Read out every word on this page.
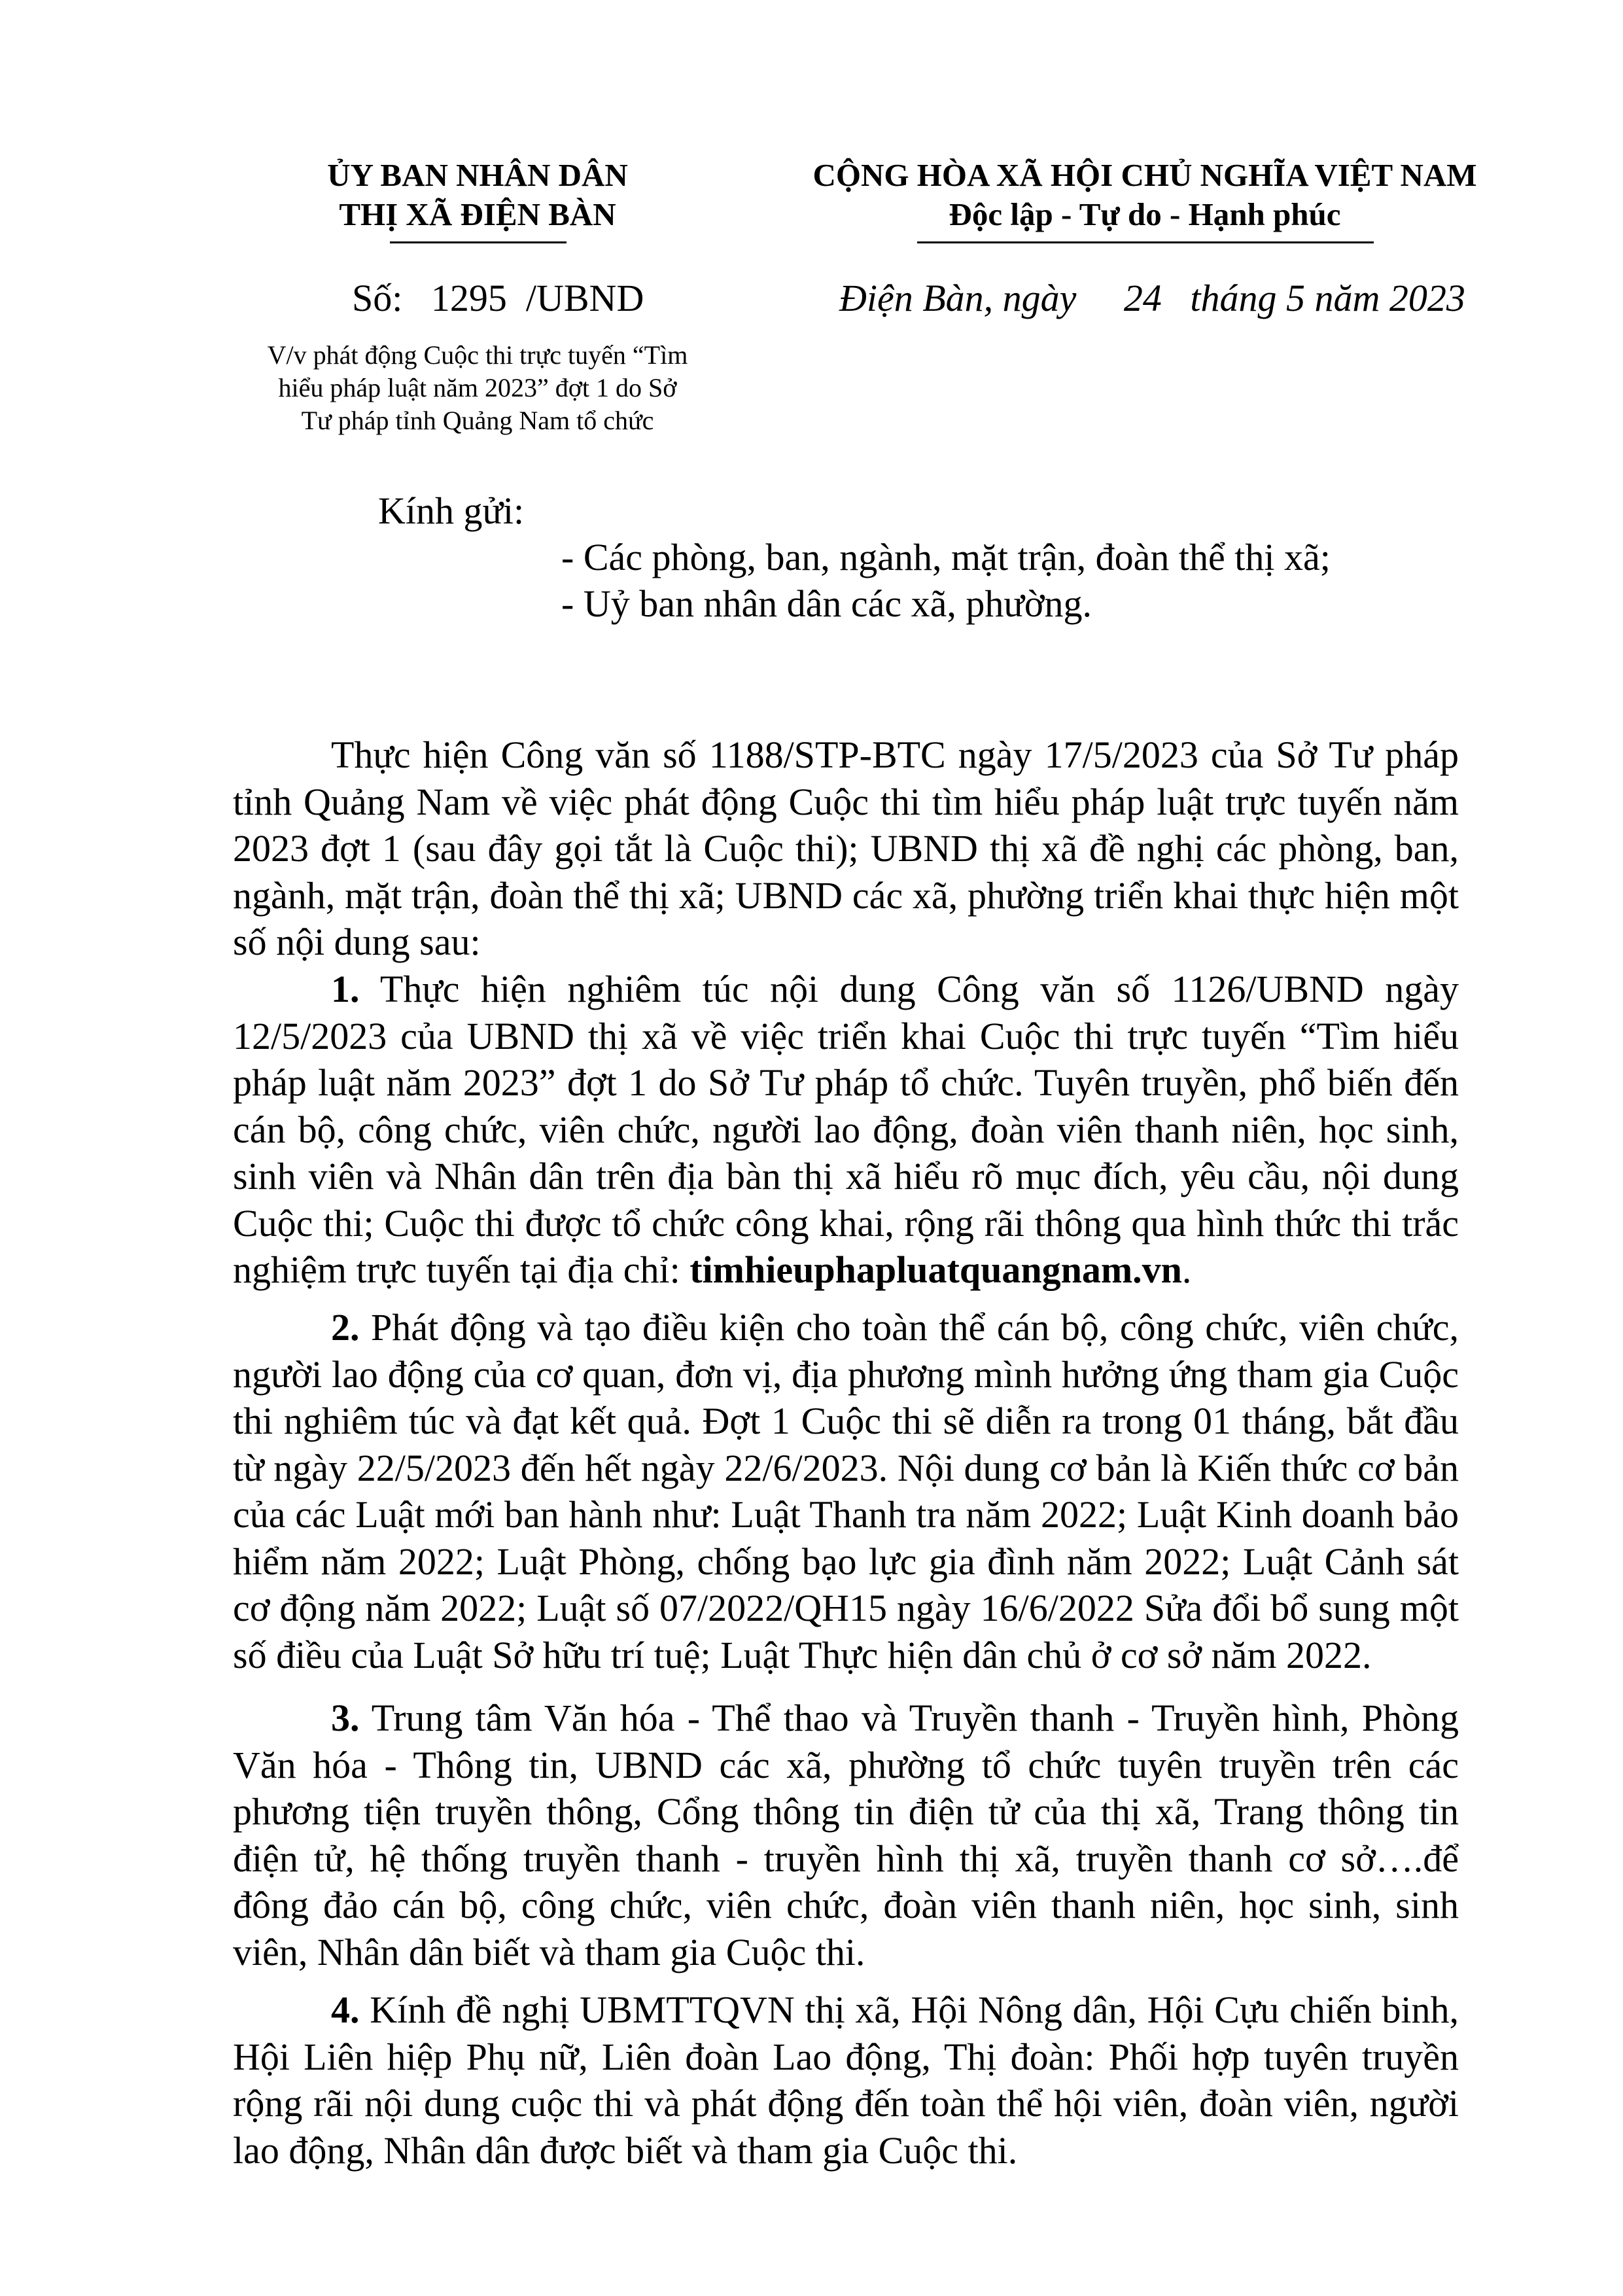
ỦY BAN NHÂN DÂN
THỊ XÃ ĐIỆN BÀN
CỘNG HÒA XÃ HỘI CHỦ NGHĨA VIỆT NAM
Độc lập - Tự do - Hạnh phúc
Số:   1295  /UBND	Điện Bàn, ngày     24   tháng 5 năm 2023
V/v phát động Cuộc thi trực tuyến “Tìm
hiểu pháp luật năm 2023” đợt 1 do Sở
Tư pháp tỉnh Quảng Nam tổ chức
Kính gửi:
- Các phòng, ban, ngành, mặt trận, đoàn thể thị xã;
- Uỷ ban nhân dân các xã, phường.

Thực hiện Công văn số 1188/STP-BTC ngày 17/5/2023 của Sở Tư pháp tỉnh Quảng Nam về việc phát động Cuộc thi tìm hiểu pháp luật trực tuyến năm 2023 đợt 1 (sau đây gọi tắt là Cuộc thi); UBND thị xã đề nghị các phòng, ban, ngành, mặt trận, đoàn thể thị xã; UBND các xã, phường triển khai thực hiện một số nội dung sau:

1. Thực hiện nghiêm túc nội dung Công văn số 1126/UBND ngày 12/5/2023 của UBND thị xã về việc triển khai Cuộc thi trực tuyến “Tìm hiểu pháp luật năm 2023” đợt 1 do Sở Tư pháp tổ chức. Tuyên truyền, phổ biến đến cán bộ, công chức, viên chức, người lao động, đoàn viên thanh niên, học sinh, sinh viên và Nhân dân trên địa bàn thị xã hiểu rõ mục đích, yêu cầu, nội dung Cuộc thi; Cuộc thi được tổ chức công khai, rộng rãi thông qua hình thức thi trắc nghiệm trực tuyến tại địa chỉ: timhieuphapluatquangnam.vn.

2. Phát động và tạo điều kiện cho toàn thể cán bộ, công chức, viên chức, người lao động của cơ quan, đơn vị, địa phương mình hưởng ứng tham gia Cuộc thi nghiêm túc và đạt kết quả. Đợt 1 Cuộc thi sẽ diễn ra trong 01 tháng, bắt đầu từ ngày 22/5/2023 đến hết ngày 22/6/2023. Nội dung cơ bản là Kiến thức cơ bản của các Luật mới ban hành như: Luật Thanh tra năm 2022; Luật Kinh doanh bảo hiểm năm 2022; Luật Phòng, chống bạo lực gia đình năm 2022; Luật Cảnh sát cơ động năm 2022; Luật số 07/2022/QH15 ngày 16/6/2022 Sửa đổi bổ sung một số điều của Luật Sở hữu trí tuệ; Luật Thực hiện dân chủ ở cơ sở năm 2022.

3. Trung tâm Văn hóa - Thể thao và Truyền thanh - Truyền hình, Phòng Văn hóa - Thông tin, UBND các xã, phường tổ chức tuyên truyền trên các phương tiện truyền thông, Cổng thông tin điện tử của thị xã, Trang thông tin điện tử, hệ thống truyền thanh - truyền hình thị xã, truyền thanh cơ sở….để đông đảo cán bộ, công chức, viên chức, đoàn viên thanh niên, học sinh, sinh viên, Nhân dân biết và tham gia Cuộc thi.

4. Kính đề nghị UBMTTQVN thị xã, Hội Nông dân, Hội Cựu chiến binh, Hội Liên hiệp Phụ nữ, Liên đoàn Lao động, Thị đoàn: Phối hợp tuyên truyền rộng rãi nội dung cuộc thi và phát động đến toàn thể hội viên, đoàn viên, người lao động, Nhân dân được biết và tham gia Cuộc thi.
